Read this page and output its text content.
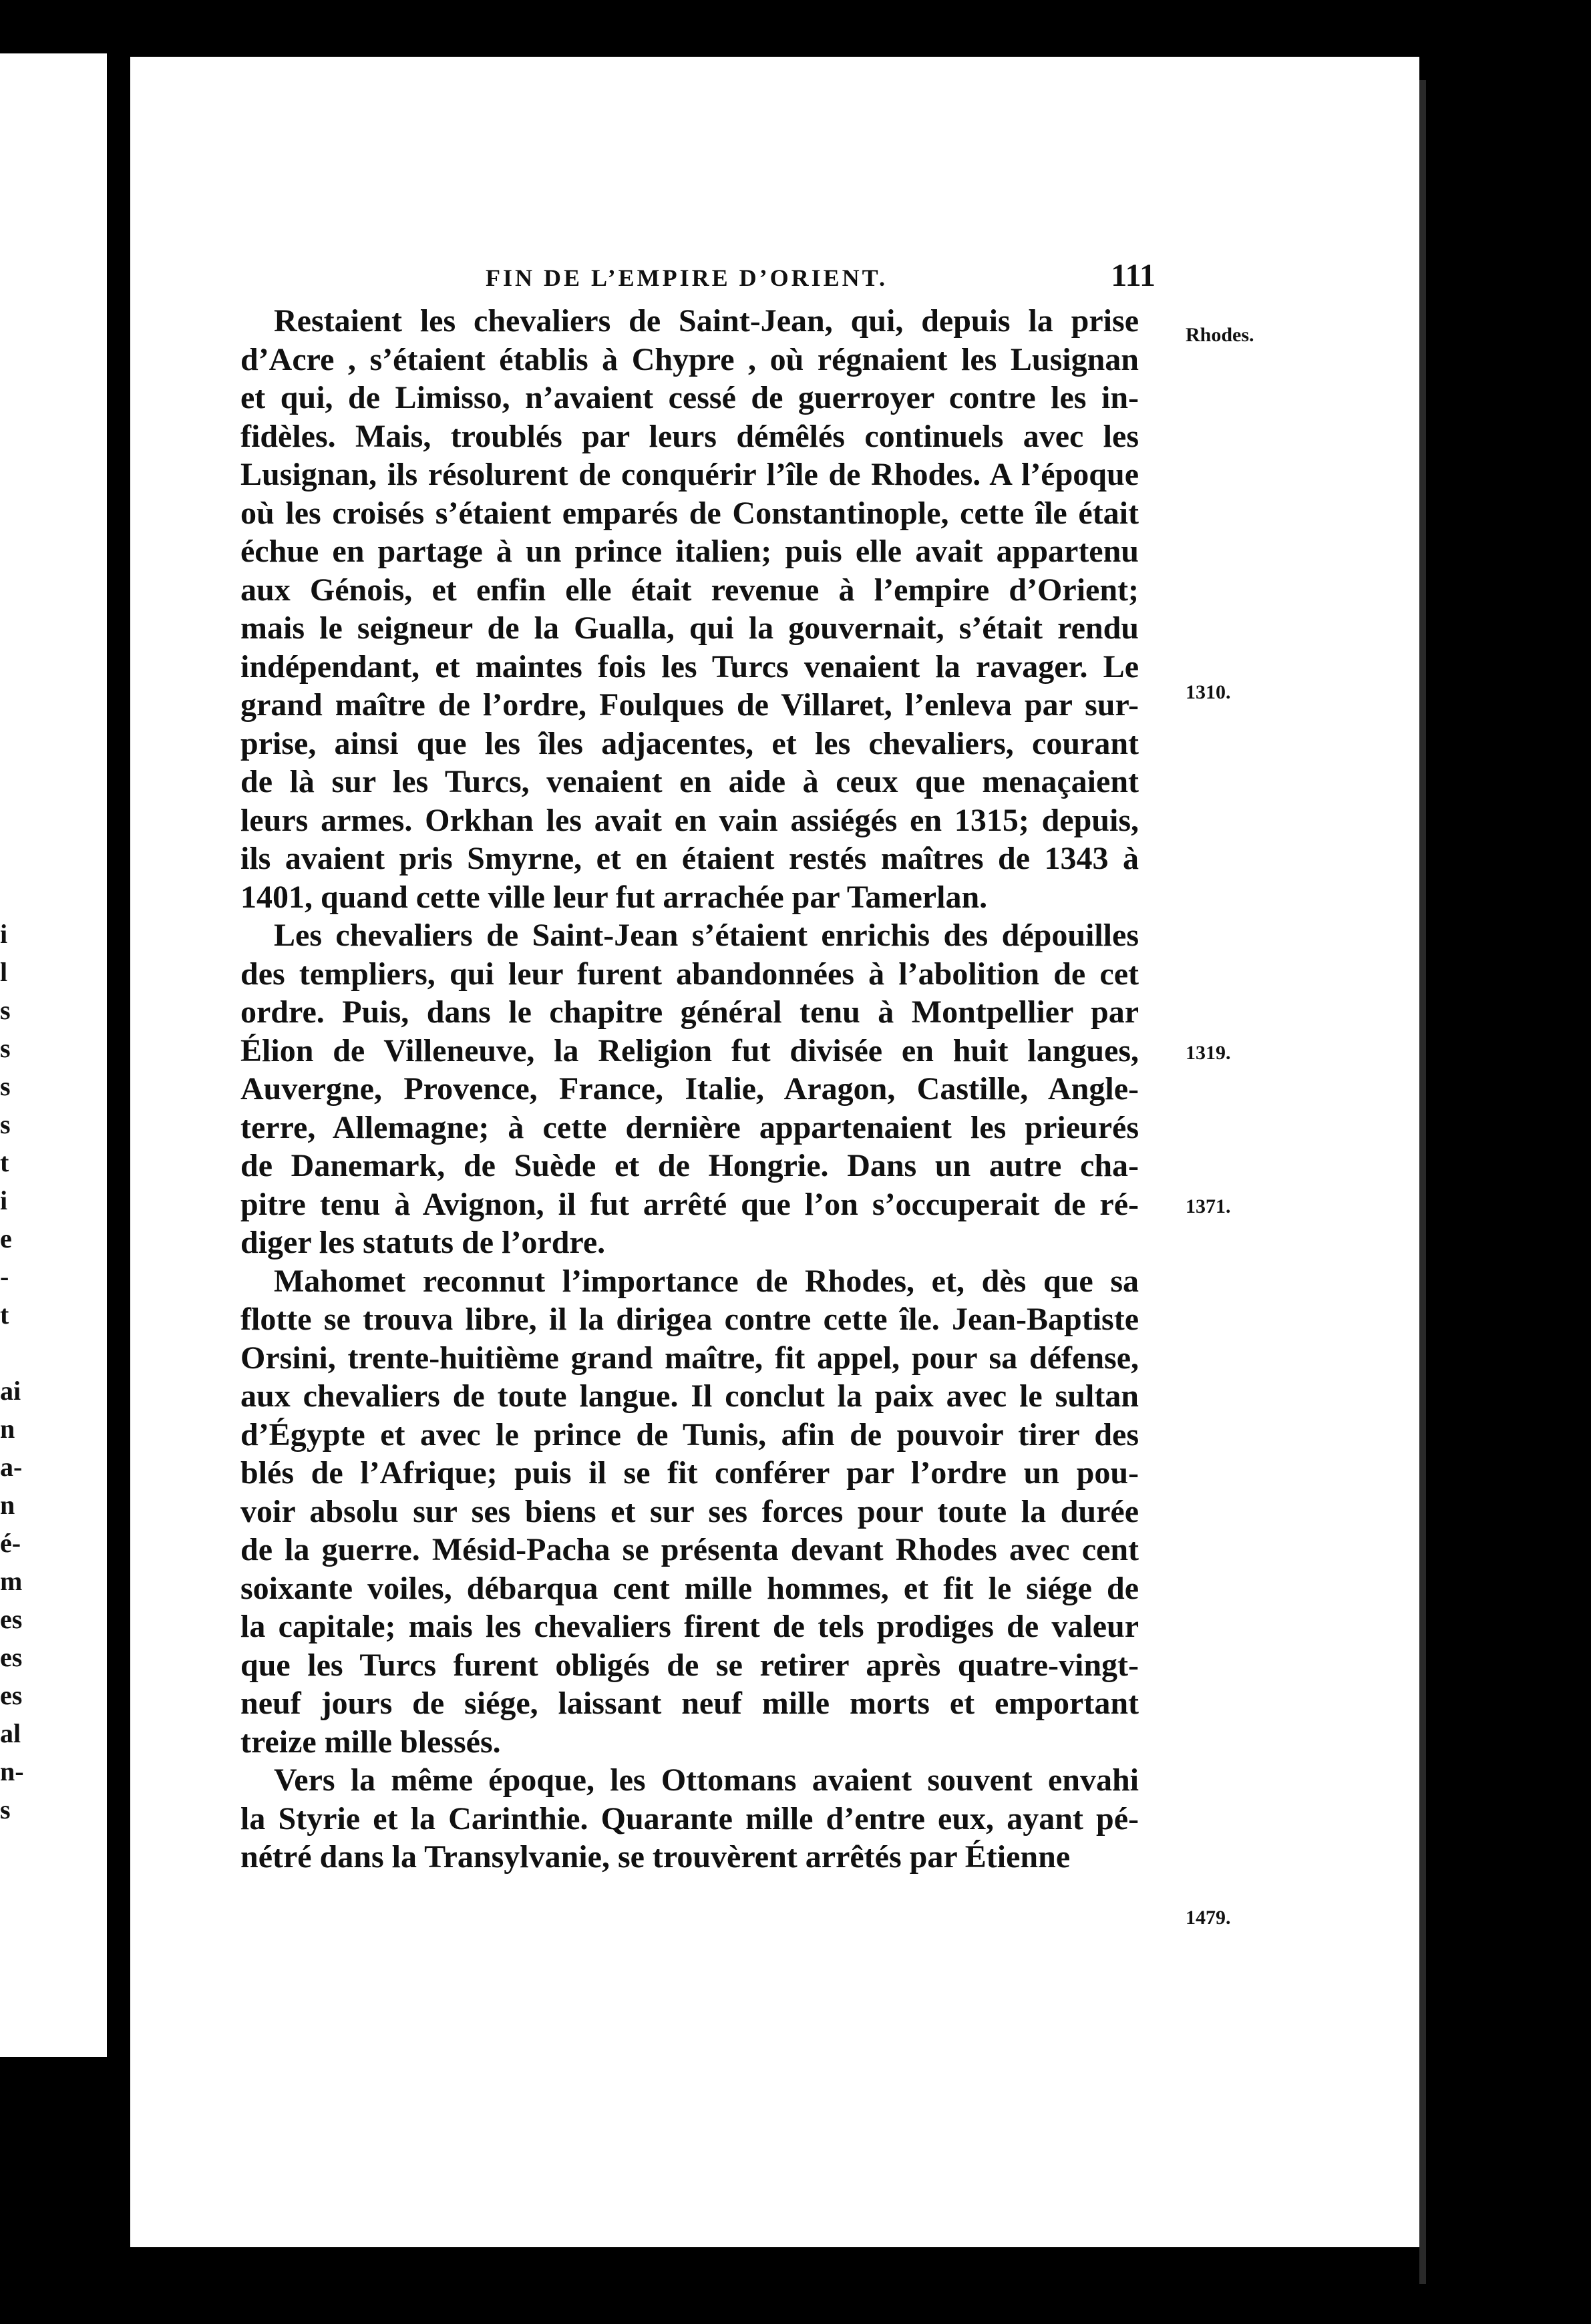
i
l
s
s
s
s
t
i
e
-
t
ai
n
a-
n
é-
m
es
es
es
al
n-
s
FIN DE L’EMPIRE D’ORIENT.	111
Restaient les chevaliers de Saint-Jean, qui, depuis la prise
d’Acre , s’étaient établis à Chypre , où régnaient les Lusignan
et qui, de Limisso, n’avaient cessé de guerroyer contre les in-
fidèles. Mais, troublés par leurs démêlés continuels avec les
Lusignan, ils résolurent de conquérir l’île de Rhodes. A l’époque
où les croisés s’étaient emparés de Constantinople, cette île était
échue en partage à un prince italien; puis elle avait appartenu
aux Génois, et enfin elle était revenue à l’empire d’Orient;
mais le seigneur de la Gualla, qui la gouvernait, s’était rendu
indépendant, et maintes fois les Turcs venaient la ravager. Le
grand maître de l’ordre, Foulques de Villaret, l’enleva par sur-
prise, ainsi que les îles adjacentes, et les chevaliers, courant
de là sur les Turcs, venaient en aide à ceux que menaçaient
leurs armes. Orkhan les avait en vain assiégés en 1315; depuis,
ils avaient pris Smyrne, et en étaient restés maîtres de 1343 à
1401, quand cette ville leur fut arrachée par Tamerlan.
Les chevaliers de Saint-Jean s’étaient enrichis des dépouilles
des templiers, qui leur furent abandonnées à l’abolition de cet
ordre. Puis, dans le chapitre général tenu à Montpellier par
Élion de Villeneuve, la Religion fut divisée en huit langues,
Auvergne, Provence, France, Italie, Aragon, Castille, Angle-
terre, Allemagne; à cette dernière appartenaient les prieurés
de Danemark, de Suède et de Hongrie. Dans un autre cha-
pitre tenu à Avignon, il fut arrêté que l’on s’occuperait de ré-
diger les statuts de l’ordre.
Mahomet reconnut l’importance de Rhodes, et, dès que sa
flotte se trouva libre, il la dirigea contre cette île. Jean-Baptiste
Orsini, trente-huitième grand maître, fit appel, pour sa défense,
aux chevaliers de toute langue. Il conclut la paix avec le sultan
d’Égypte et avec le prince de Tunis, afin de pouvoir tirer des
blés de l’Afrique; puis il se fit conférer par l’ordre un pou-
voir absolu sur ses biens et sur ses forces pour toute la durée
de la guerre. Mésid-Pacha se présenta devant Rhodes avec cent
soixante voiles, débarqua cent mille hommes, et fit le siége de
la capitale; mais les chevaliers firent de tels prodiges de valeur
que les Turcs furent obligés de se retirer après quatre-vingt-
neuf jours de siége, laissant neuf mille morts et emportant
treize mille blessés.
Vers la même époque, les Ottomans avaient souvent envahi
la Styrie et la Carinthie. Quarante mille d’entre eux, ayant pé-
nétré dans la Transylvanie, se trouvèrent arrêtés par Étienne
Rhodes.
1310.
1319.
1371.
1479.
